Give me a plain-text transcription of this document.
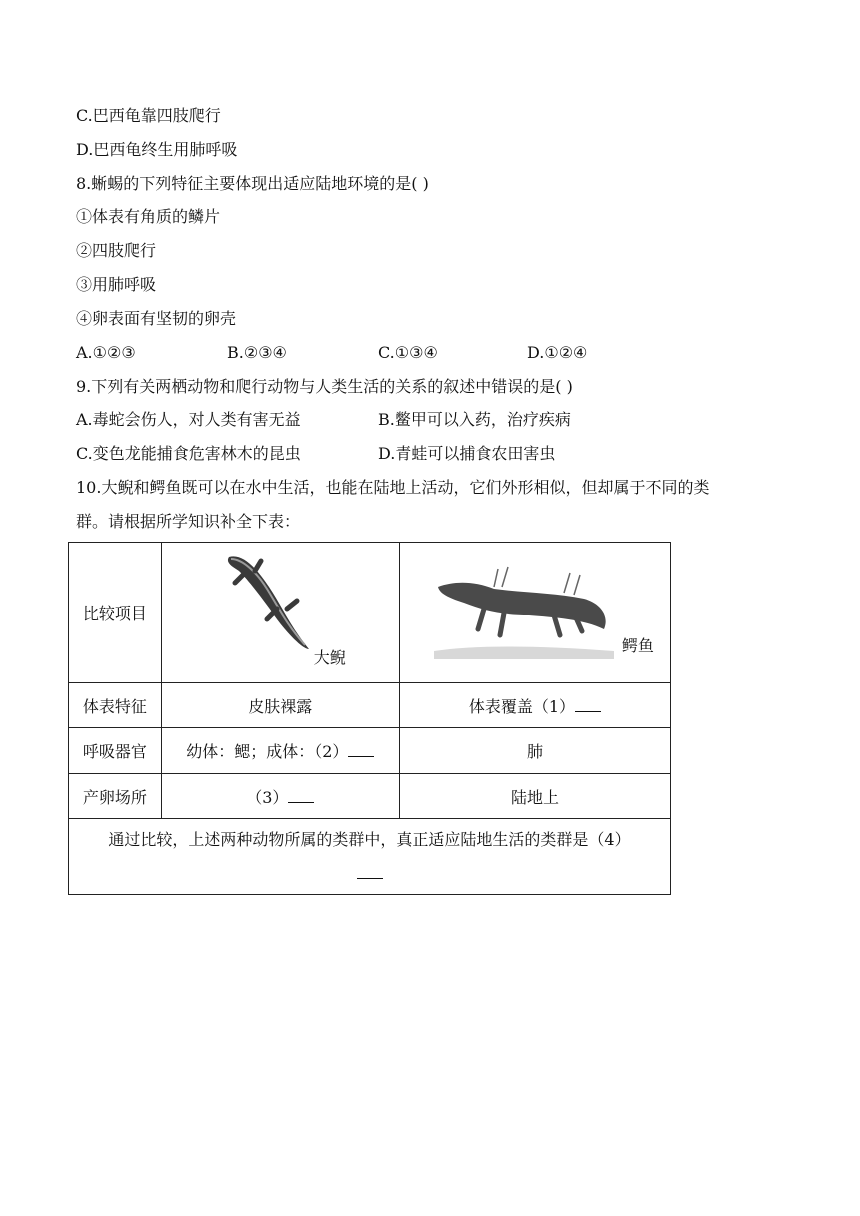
C.巴西龟靠四肢爬行
D.巴西龟终生用肺呼吸
8.蜥蜴的下列特征主要体现出适应陆地环境的是( )
①体表有角质的鳞片
②四肢爬行
③用肺呼吸
④卵表面有坚韧的卵壳
A.①②③	B.②③④	C.①③④	D.①②④
9.下列有关两栖动物和爬行动物与人类生活的关系的叙述中错误的是( )
A.毒蛇会伤人，对人类有害无益	B.鳖甲可以入药，治疗疾病
C.变色龙能捕食危害林木的昆虫	D.青蛙可以捕食农田害虫
10.大鲵和鳄鱼既可以在水中生活，也能在陆地上活动，它们外形相似，但却属于不同的类
群。请根据所学知识补全下表：
比较项目	大鲵	鳄鱼

体表特征	皮肤裸露	体表覆盖（1）
呼吸器官	幼体：鳃；成体：（2）	肺
产卵场所	（3）	陆地上
通过比较，上述两种动物所属的类群中，真正适应陆地生活的类群是（4）		
